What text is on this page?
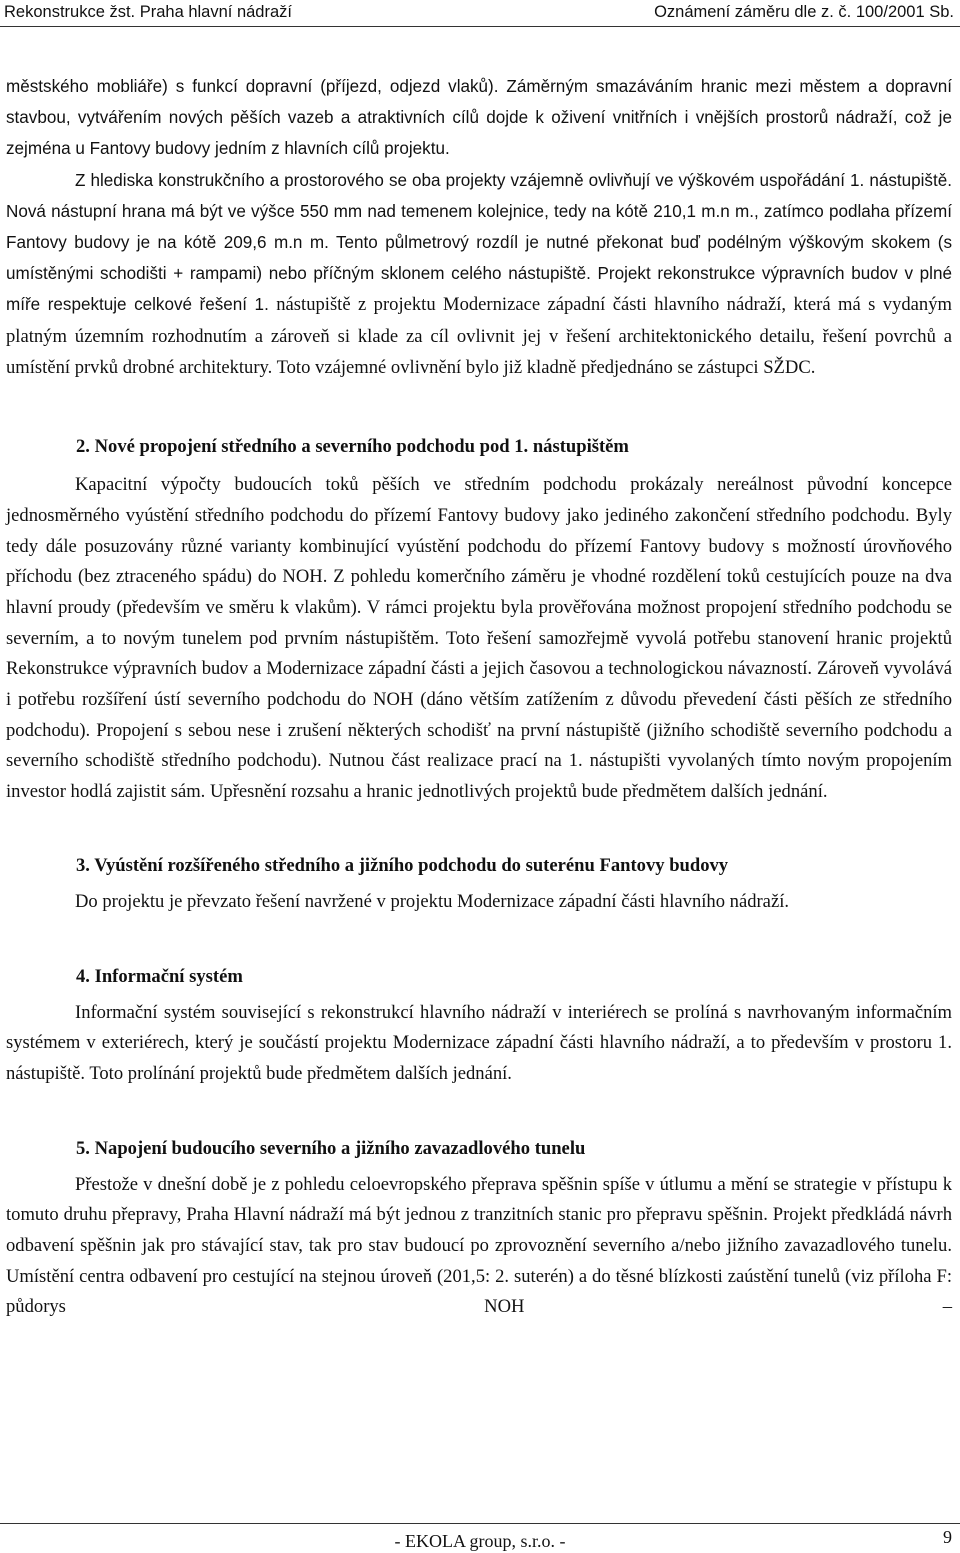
Rekonstrukce žst. Praha hlavní nádraží	Oznámení záměru dle z. č. 100/2001 Sb.

městského mobliáře) s funkcí dopravní (příjezd, odjezd vlaků). Záměrným smazáváním hranic mezi městem a dopravní stavbou, vytvářením nových pěších vazeb a atraktivních cílů dojde k oživení vnitřních i vnějších prostorů nádraží, což je zejména u Fantovy budovy jedním z hlavních cílů projektu.

Z hlediska konstrukčního a prostorového se oba projekty vzájemně ovlivňují ve výškovém uspořádání 1. nástupiště. Nová nástupní hrana má být ve výšce 550 mm nad temenem kolejnice, tedy na kótě 210,1 m.n m., zatímco podlaha přízemí Fantovy budovy je na kótě 209,6 m.n m. Tento půlmetrový rozdíl je nutné překonat buď podélným výškovým skokem (s umístěnými schodišti + rampami) nebo příčným sklonem celého nástupiště. Projekt rekonstrukce výpravních budov v plné míře respektuje celkové řešení 1. nástupiště z projektu Modernizace západní části hlavního nádraží, která má s vydaným platným územním rozhodnutím a zároveň si klade za cíl ovlivnit jej v řešení architektonického detailu, řešení povrchů a umístění prvků drobné architektury. Toto vzájemné ovlivnění bylo již kladně předjednáno se zástupci SŽDC.

2. Nové propojení středního a severního podchodu pod 1. nástupištěm

Kapacitní výpočty budoucích toků pěších ve středním podchodu prokázaly nereálnost původní koncepce jednosměrného vyústění středního podchodu do přízemí Fantovy budovy jako jediného zakončení středního podchodu. Byly tedy dále posuzovány různé varianty kombinující vyústění podchodu do přízemí Fantovy budovy s možností úrovňového příchodu (bez ztraceného spádu) do NOH. Z pohledu komerčního záměru je vhodné rozdělení toků cestujících pouze na dva hlavní proudy (především ve směru k vlakům). V rámci projektu byla prověřována možnost propojení středního podchodu se severním, a to novým tunelem pod prvním nástupištěm. Toto řešení samozřejmě vyvolá potřebu stanovení hranic projektů Rekonstrukce výpravních budov a Modernizace západní části a jejich časovou a technologickou návazností. Zároveň vyvolává i potřebu rozšíření ústí severního podchodu do NOH (dáno větším zatížením z důvodu převedení části pěších ze středního podchodu). Propojení s sebou nese i zrušení některých schodišť na první nástupiště (jižního schodiště severního podchodu a severního schodiště středního podchodu). Nutnou část realizace prací na 1. nástupišti vyvolaných tímto novým propojením investor hodlá zajistit sám. Upřesnění rozsahu a hranic jednotlivých projektů bude předmětem dalších jednání.

3. Vyústění rozšířeného středního a jižního podchodu do suterénu Fantovy budovy

Do projektu je převzato řešení navržené v projektu Modernizace západní části hlavního nádraží.

4. Informační systém

Informační systém související s rekonstrukcí hlavního nádraží v interiérech se prolíná s navrhovaným informačním systémem v exteriérech, který je součástí projektu Modernizace západní části hlavního nádraží, a to především v prostoru 1. nástupiště. Toto prolínání projektů bude předmětem dalších jednání.

5. Napojení budoucího severního a jižního zavazadlového tunelu

Přestože v dnešní době je z pohledu celoevropského přeprava spěšnin spíše v útlumu a mění se strategie v přístupu k tomuto druhu přepravy, Praha Hlavní nádraží má být jednou z tranzitních stanic pro přepravu spěšnin. Projekt předkládá návrh odbavení spěšnin jak pro stávající stav, tak pro stav budoucí po zprovoznění severního a/nebo jižního zavazadlového tunelu. Umístění centra odbavení pro cestující na stejnou úroveň (201,5: 2. suterén) a do těsné blízkosti zaústění tunelů (viz příloha F: půdorys NOH –

- EKOLA group, s.r.o. -	9
